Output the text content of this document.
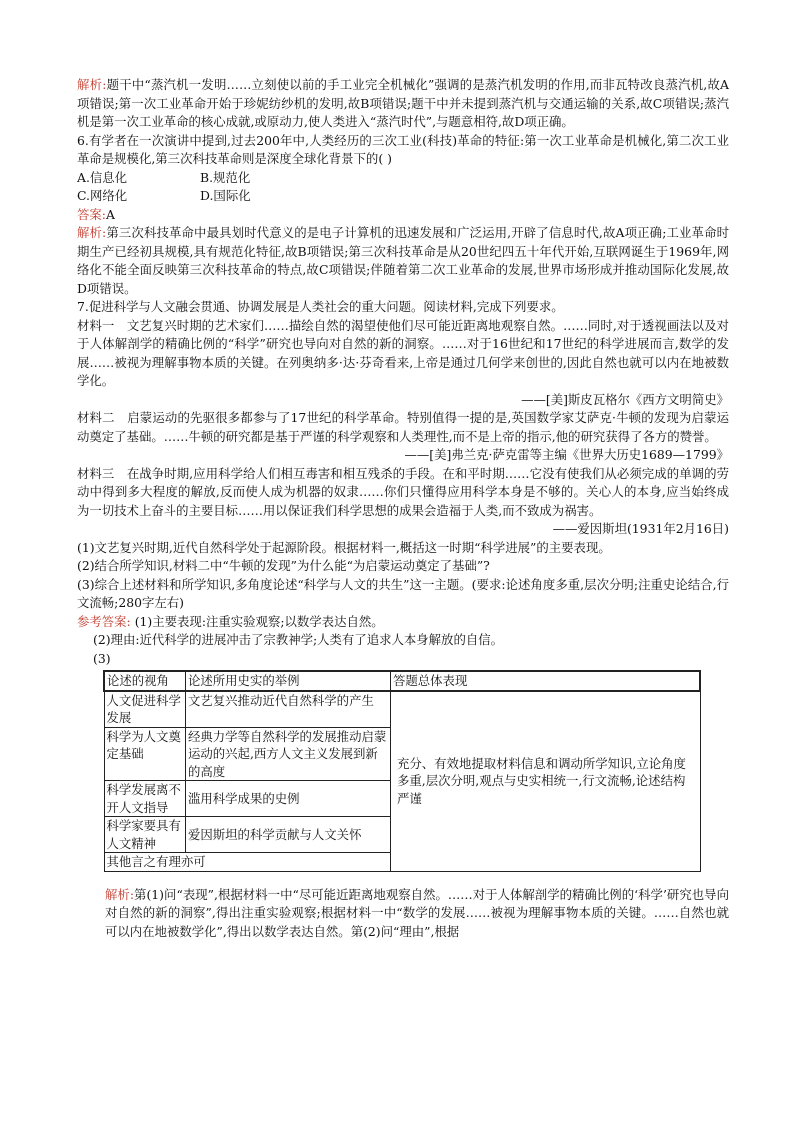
解析:题干中“蒸汽机一发明……立刻使以前的手工业完全机械化”强调的是蒸汽机发明的作用,而非瓦特改良蒸汽机,故A项错误;第一次工业革命开始于珍妮纺纱机的发明,故B项错误;题干中并未提到蒸汽机与交通运输的关系,故C项错误;蒸汽机是第一次工业革命的核心成就,或原动力,使人类进入“蒸汽时代”,与题意相符,故D项正确。

6.有学者在一次演讲中提到,过去200年中,人类经历的三次工业(科技)革命的特征:第一次工业革命是机械化,第二次工业革命是规模化,第三次科技革命则是深度全球化背景下的( )

A.信息化	B.规范化
C.网络化	D.国际化

答案:A

解析:第三次科技革命中最具划时代意义的是电子计算机的迅速发展和广泛运用,开辟了信息时代,故A项正确;工业革命时期生产已经初具规模,具有规范化特征,故B项错误;第三次科技革命是从20世纪四五十年代开始,互联网诞生于1969年,网络化不能全面反映第三次科技革命的特点,故C项错误;伴随着第二次工业革命的发展,世界市场形成并推动国际化发展,故D项错误。

7.促进科学与人文融会贯通、协调发展是人类社会的重大问题。阅读材料,完成下列要求。

材料一　文艺复兴时期的艺术家们……描绘自然的渴望使他们尽可能近距离地观察自然。……同时,对于透视画法以及对于人体解剖学的精确比例的“科学”研究也导向对自然的新的洞察。……对于16世纪和17世纪的科学进展而言,数学的发展……被视为理解事物本质的关键。在列奥纳多·达·芬奇看来,上帝是通过几何学来创世的,因此自然也就可以内在地被数学化。

——[美]斯皮瓦格尔《西方文明简史》

材料二　启蒙运动的先驱很多都参与了17世纪的科学革命。特别值得一提的是,英国数学家艾萨克·牛顿的发现为启蒙运动奠定了基础。……牛顿的研究都是基于严谨的科学观察和人类理性,而不是上帝的指示,他的研究获得了各方的赞誉。

——[美]弗兰克·萨克雷等主编《世界大历史1689—1799》

材料三　在战争时期,应用科学给人们相互毒害和相互残杀的手段。在和平时期……它没有使我们从必须完成的单调的劳动中得到多大程度的解放,反而使人成为机器的奴隶……你们只懂得应用科学本身是不够的。关心人的本身,应当始终成为一切技术上奋斗的主要目标……用以保证我们科学思想的成果会造福于人类,而不致成为祸害。

——爱因斯坦(1931年2月16日)

(1)文艺复兴时期,近代自然科学处于起源阶段。根据材料一,概括这一时期“科学进展”的主要表现。

(2)结合所学知识,材料二中“牛顿的发现”为什么能“为启蒙运动奠定了基础”?

(3)综合上述材料和所学知识,多角度论述“科学与人文的共生”这一主题。(要求:论述角度多重,层次分明;注重史论结合,行文流畅;280字左右)

参考答案: (1)主要表现:注重实验观察;以数学表达自然。

(2)理由:近代科学的进展冲击了宗教神学;人类有了追求人本身解放的自信。

(3)

论述的视角	论述所用史实的举例	答题总体表现
人文促进科学发展	文艺复兴推动近代自然科学的产生	充分、有效地提取材料信息和调动所学知识,立论角度多重,层次分明,观点与史实相统一,行文流畅,论述结构严谨
科学为人文奠定基础	经典力学等自然科学的发展推动启蒙运动的兴起,西方人文主义发展到新的高度	
科学发展离不开人文指导	滥用科学成果的史例	
科学家要具有人文精神	爱因斯坦的科学贡献与人文关怀	
其他言之有理亦可		

解析:第(1)问“表现”,根据材料一中“尽可能近距离地观察自然。……对于人体解剖学的精确比例的‘科学’研究也导向对自然的新的洞察”,得出注重实验观察;根据材料一中“数学的发展……被视为理解事物本质的关键。……自然也就可以内在地被数学化”,得出以数学表达自然。第(2)问“理由”,根据
